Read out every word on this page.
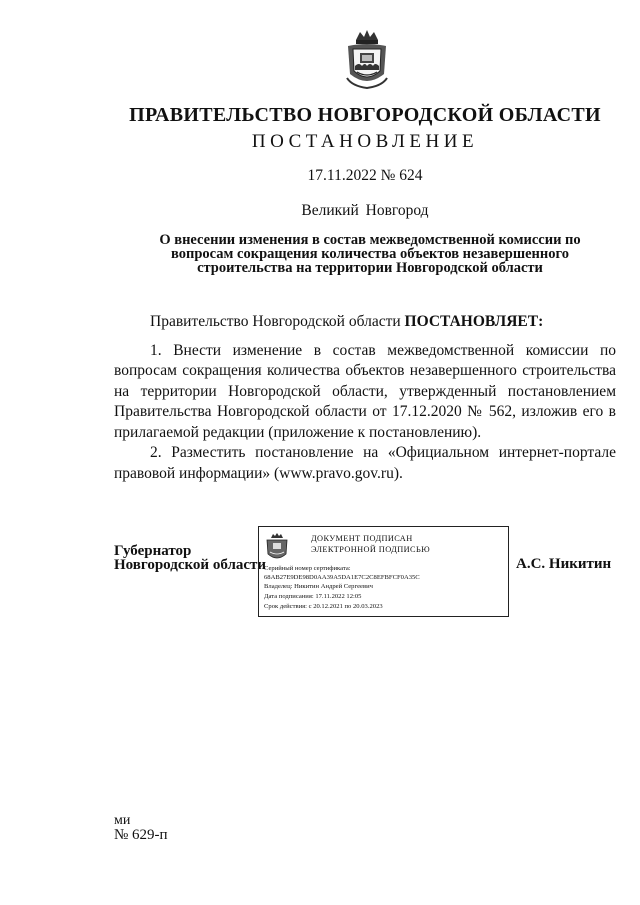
ПРАВИТЕЛЬСТВО НОВГОРОДСКОЙ ОБЛАСТИ
ПОСТАНОВЛЕНИЕ
17.11.2022 № 624
Великий Новгород
О внесении изменения в состав межведомственной комиссии по
вопросам сокращения количества объектов незавершенного
строительства на территории Новгородской области

Правительство Новгородской области ПОСТАНОВЛЯЕТ:

1. Внести изменение в состав межведомственной комиссии по вопросам сокращения количества объектов незавершенного строительства на территории Новгородской области, утвержденный постановлением Правительства Новгородской области от 17.12.2020 № 562, изложив его в прилагаемой редакции (приложение к постановлению).

2. Разместить постановление на «Официальном интернет-портале правовой информации» (www.pravo.gov.ru).

Губернатор
Новгородской области
ДОКУМЕНТ ПОДПИСАН
ЭЛЕКТРОННОЙ ПОДПИСЬЮ
Серийный номер сертификата:
68AB27E9DE98D0AA39A5DA1E7C2C8EFBFCF0A35C
Владелец: Никитин Андрей Сергеевич
Дата подписания: 17.11.2022 12:05
Срок действия: с 20.12.2021 по 20.03.2023
А.С. Никитин
ми
№ 629-п
